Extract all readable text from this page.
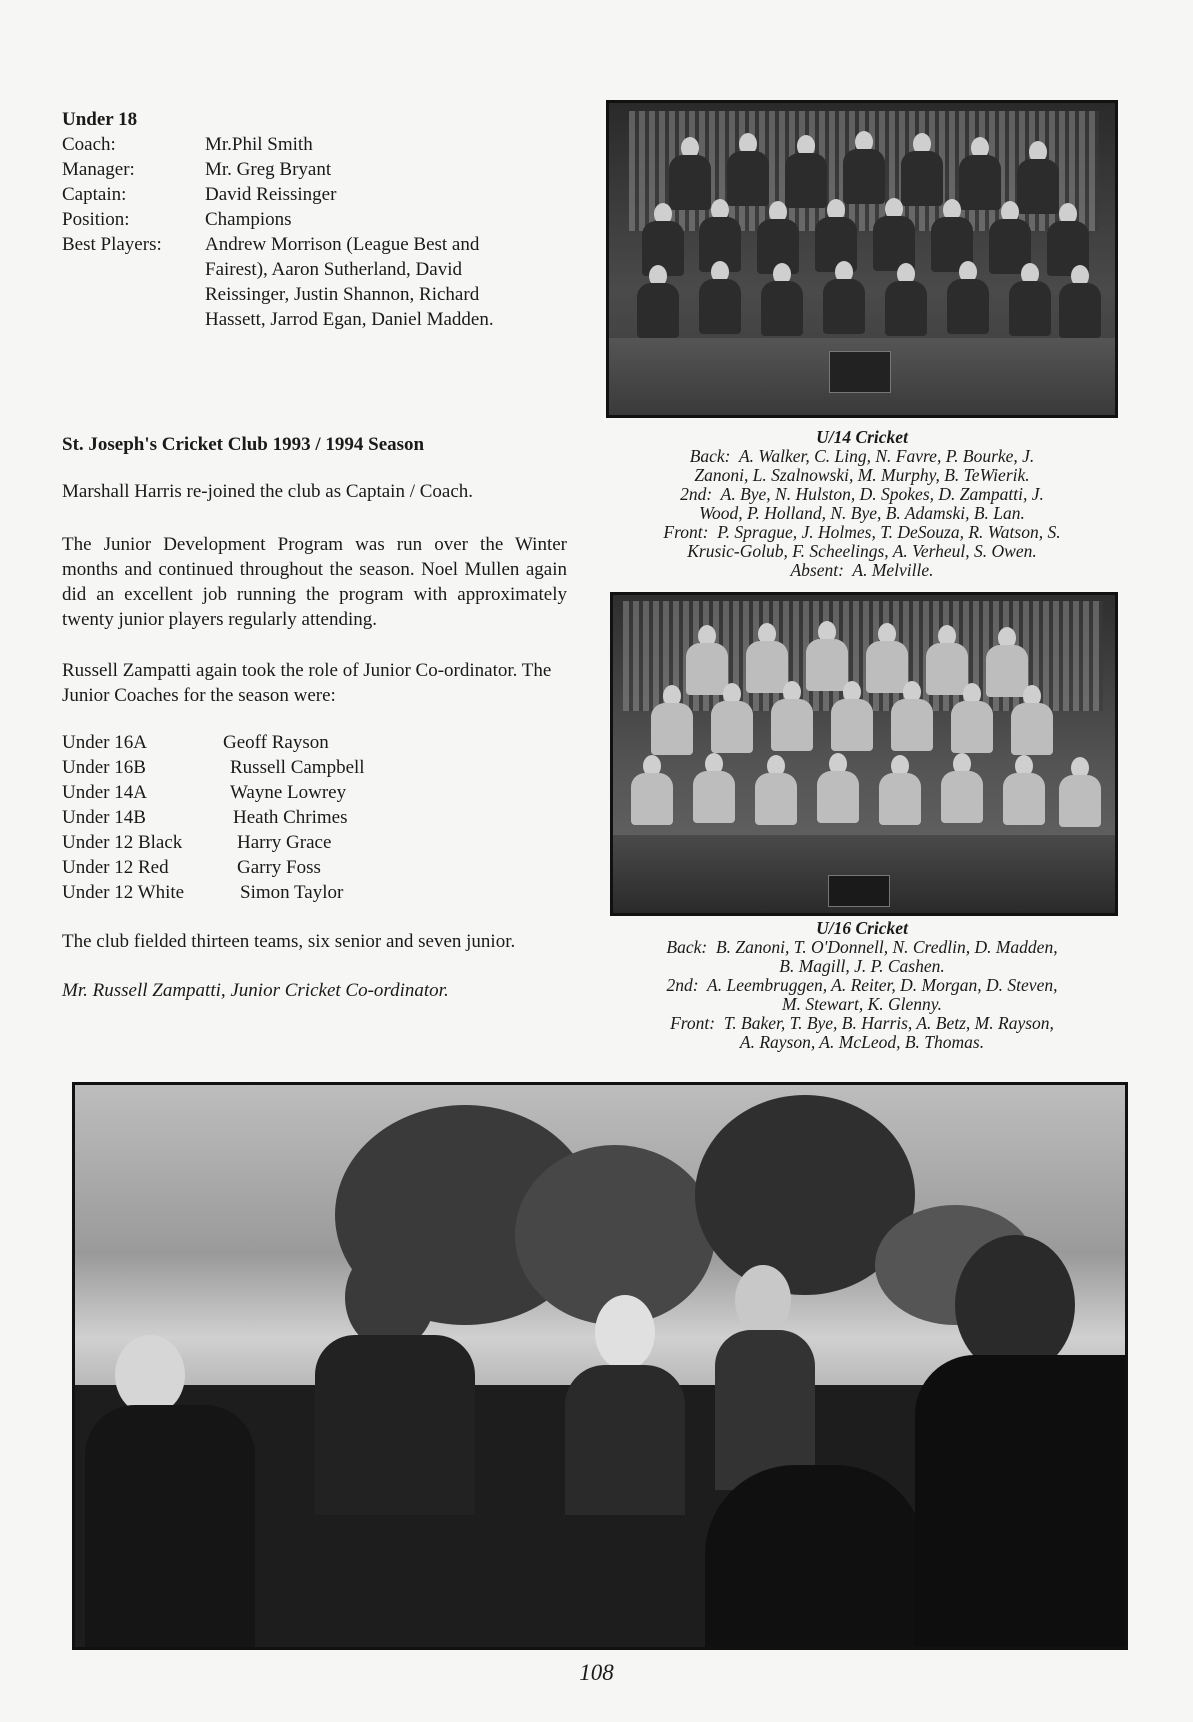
Under 18
Coach:	Mr.Phil Smith
Manager:	Mr. Greg Bryant
Captain:	David Reissinger
Position:	Champions
Best Players:	Andrew Morrison (League Best and Fairest), Aaron Sutherland, David Reissinger, Justin Shannon, Richard Hassett, Jarrod Egan, Daniel Madden.
St. Joseph's Cricket Club 1993 / 1994 Season
Marshall Harris re-joined the club as Captain / Coach.
The Junior Development Program was run over the Winter months and continued throughout the season. Noel Mullen again did an excellent job running the program with approximately twenty junior players regularly attending.
Russell Zampatti again took the role of Junior Co-ordinator. The Junior Coaches for the season were:
Under 16A	Geoff Rayson
Under 16B	Russell Campbell
Under 14A	Wayne Lowrey
Under 14B	Heath Chrimes
Under 12 Black	Harry Grace
Under 12 Red	Garry Foss
Under 12 White	Simon Taylor
The club fielded thirteen teams, six senior and seven junior.
Mr. Russell Zampatti, Junior Cricket Co-ordinator.
U/14 Cricket
Back: A. Walker, C. Ling, N. Favre, P. Bourke, J.
Zanoni, L. Szalnowski, M. Murphy, B. TeWierik.
2nd: A. Bye, N. Hulston, D. Spokes, D. Zampatti, J.
Wood, P. Holland, N. Bye, B. Adamski, B. Lan.
Front: P. Sprague, J. Holmes, T. DeSouza, R. Watson, S.
Krusic-Golub, F. Scheelings, A. Verheul, S. Owen.
Absent: A. Melville.
U/16 Cricket
Back: B. Zanoni, T. O'Donnell, N. Credlin, D. Madden,
B. Magill, J. P. Cashen.
2nd: A. Leembruggen, A. Reiter, D. Morgan, D. Steven,
M. Stewart, K. Glenny.
Front: T. Baker, T. Bye, B. Harris, A. Betz, M. Rayson,
A. Rayson, A. McLeod, B. Thomas.
108
